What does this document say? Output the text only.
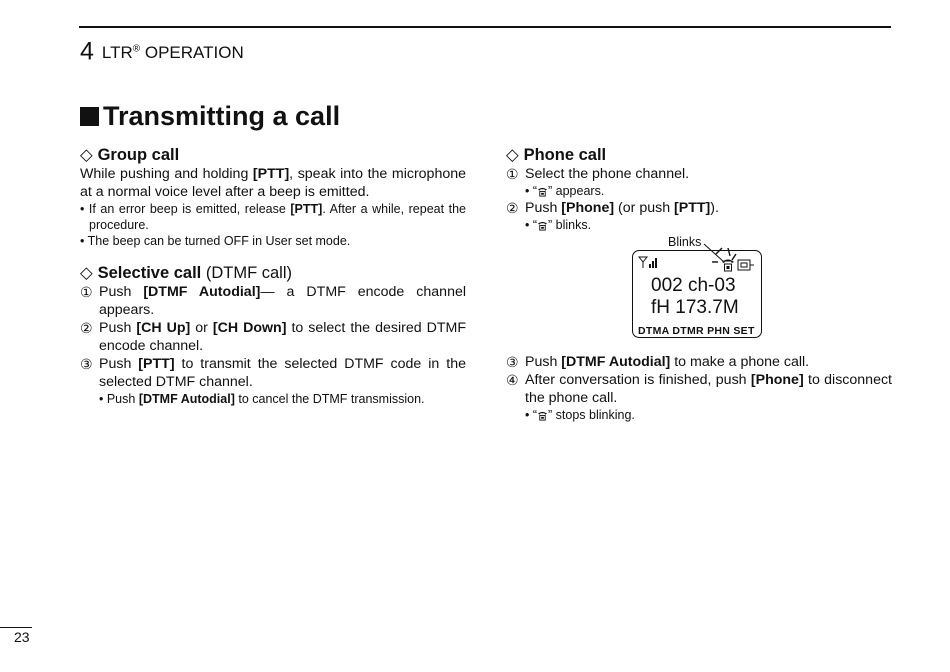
4 LTR® OPERATION
Transmitting a call
◇ Group call

While pushing and holding [PTT], speak into the microphone at a normal voice level after a beep is emitted.

• If an error beep is emitted, release [PTT]. After a while, repeat the procedure.

• The beep can be turned OFF in User set mode.

◇ Selective call (DTMF call)

① Push [DTMF Autodial]— a DTMF encode channel appears.

② Push [CH Up] or [CH Down] to select the desired DTMF encode channel.

③ Push [PTT] to transmit the selected DTMF code in the selected DTMF channel.

• Push [DTMF Autodial] to cancel the DTMF transmission.

◇ Phone call

① Select the phone channel.

• “ ” appears.

② Push [Phone] (or push [PTT]).

• “ ” blinks.

Blinks
002 ch-03
fH 173.7M
DTMA DTMR PHN SET

③ Push [DTMF Autodial] to make a phone call.

④ After conversation is finished, push [Phone] to disconnect the phone call.

• “ ” stops blinking.

23
